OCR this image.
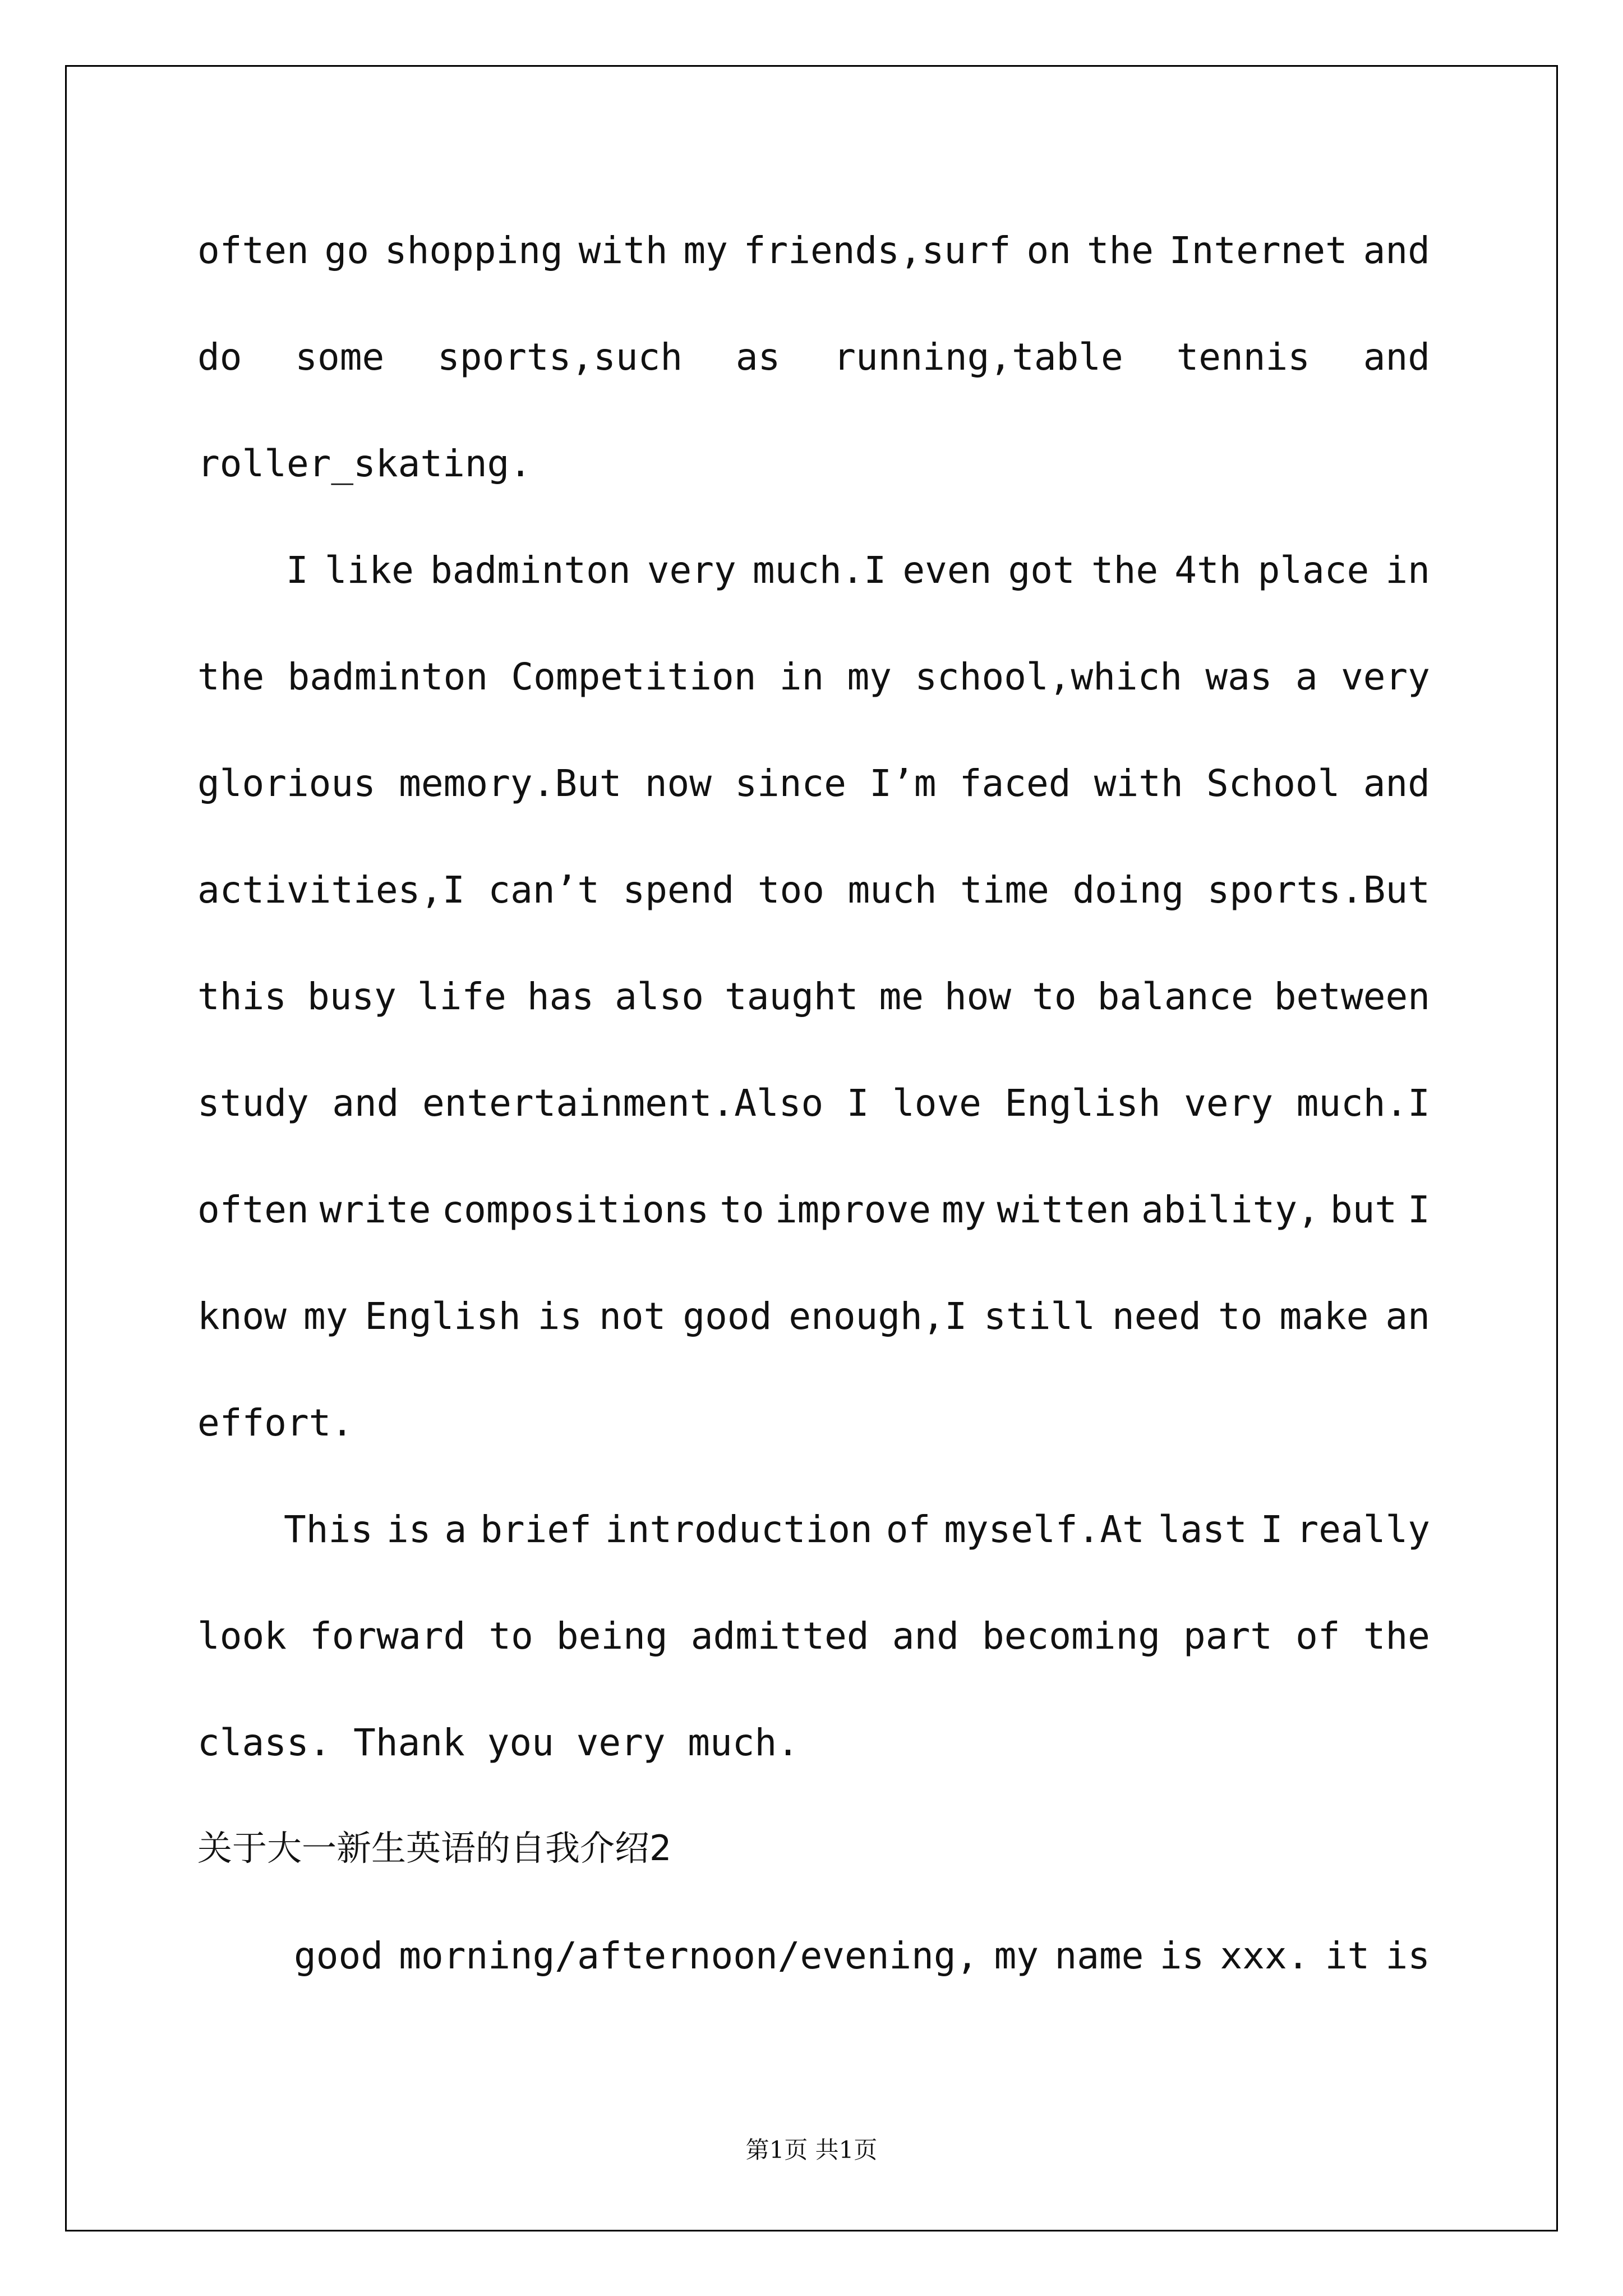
often go shopping with my friends,surf on the Internet and
do some sports,such as running,table tennis and
roller_skating.
I like badminton very much.I even got the 4th place in
the badminton Competition in my school,which was a very
glorious memory.But now since I’m faced with School and
activities,I can’t spend too much time doing sports.But
this busy life has also taught me how to balance between
study and entertainment.Also I love English very much.I
often write compositions to improve my witten ability, but I
know my English is not good enough,I still need to make an
effort.
This is a brief introduction of myself.At last I really
look forward to being admitted and becoming part of the
class. Thank you very much.
关于大一新生英语的自我介绍2
good morning/afternoon/evening, my name is xxx. it is
第1页 共1页
